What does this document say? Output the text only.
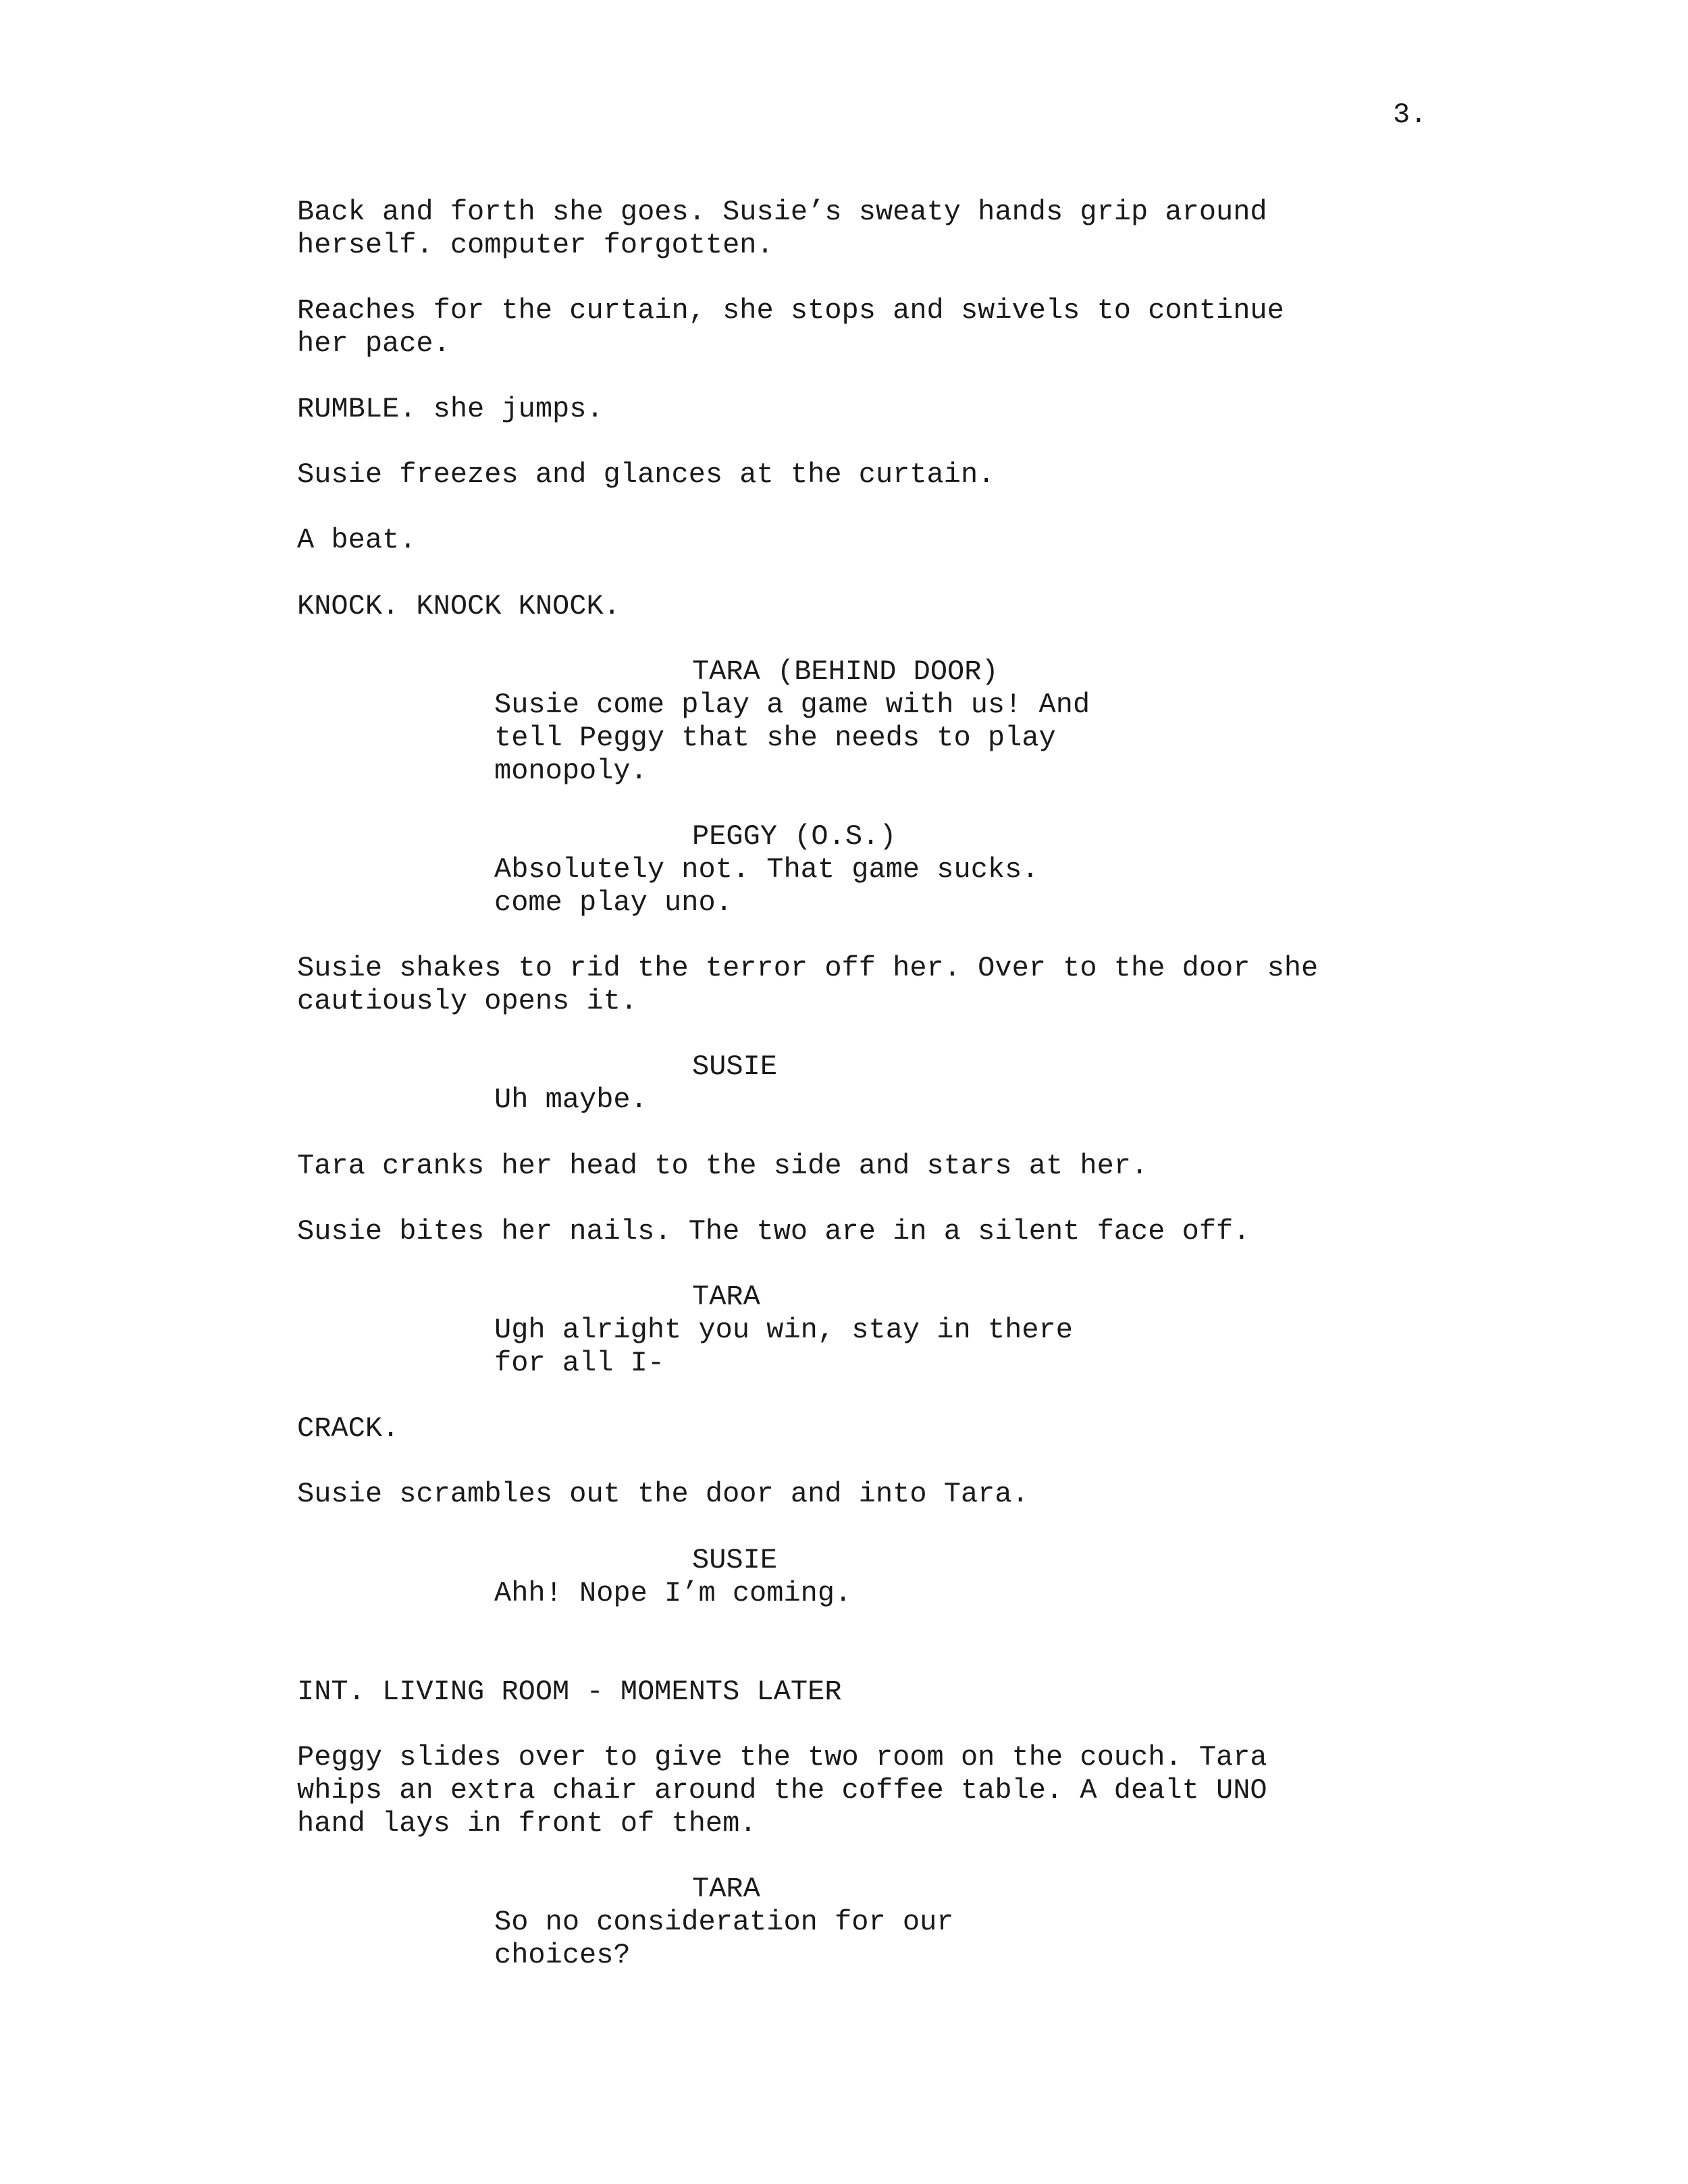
3.
Back and forth she goes. Susie’s sweaty hands grip around
herself. computer forgotten.
Reaches for the curtain, she stops and swivels to continue
her pace.
RUMBLE. she jumps.
Susie freezes and glances at the curtain.
A beat.
KNOCK. KNOCK KNOCK.
TARA (BEHIND DOOR)
Susie come play a game with us! And
tell Peggy that she needs to play
monopoly.
PEGGY (O.S.)
Absolutely not. That game sucks.
come play uno.
Susie shakes to rid the terror off her. Over to the door she
cautiously opens it.
SUSIE
Uh maybe.
Tara cranks her head to the side and stars at her.
Susie bites her nails. The two are in a silent face off.
TARA
Ugh alright you win, stay in there
for all I-
CRACK.
Susie scrambles out the door and into Tara.
SUSIE
Ahh! Nope I’m coming.
INT. LIVING ROOM - MOMENTS LATER
Peggy slides over to give the two room on the couch. Tara
whips an extra chair around the coffee table. A dealt UNO
hand lays in front of them.
TARA
So no consideration for our
choices?
